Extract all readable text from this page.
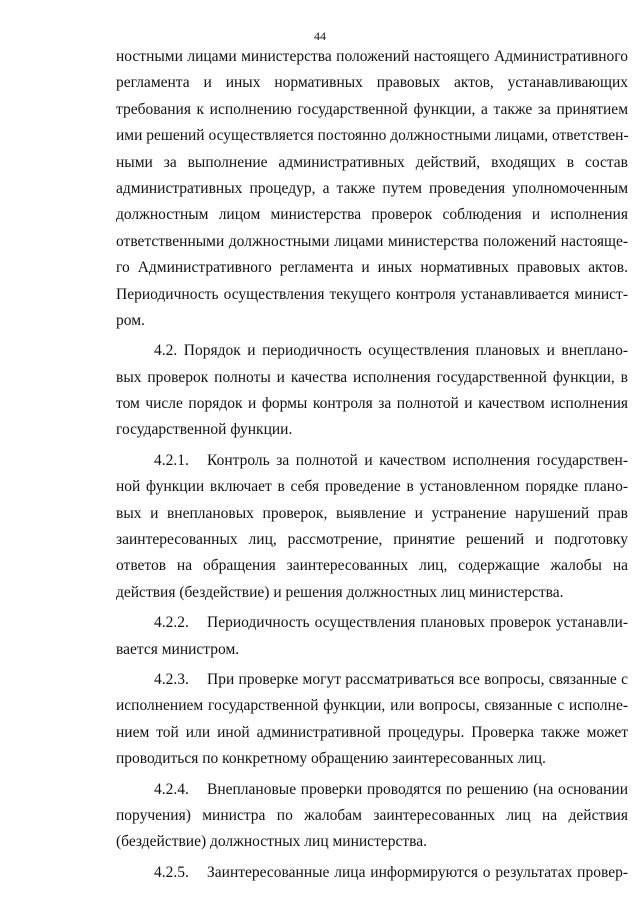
44
ностными лицами министерства положений настоящего Административного
регламента и иных нормативных правовых актов, устанавливающих
требования к исполнению государственной функции, а также за принятием
ими решений осуществляется постоянно должностными лицами, ответствен-
ными за выполнение административных действий, входящих в состав
административных процедур, а также путем проведения уполномоченным
должностным лицом министерства проверок соблюдения и исполнения
ответственными должностными лицами министерства положений настояще-
го Административного регламента и иных нормативных правовых актов.
Периодичность осуществления текущего контроля устанавливается минист-
ром.
4.2. Порядок и периодичность осуществления плановых и внеплано-
вых проверок полноты и качества исполнения государственной функции, в
том числе порядок и формы контроля за полнотой и качеством исполнения
государственной функции.
4.2.1. Контроль за полнотой и качеством исполнения государствен-
ной функции включает в себя проведение в установленном порядке плано-
вых и внеплановых проверок, выявление и устранение нарушений прав
заинтересованных лиц, рассмотрение, принятие решений и подготовку
ответов на обращения заинтересованных лиц, содержащие жалобы на
действия (бездействие) и решения должностных лиц министерства.
4.2.2. Периодичность осуществления плановых проверок устанавли-
вается министром.
4.2.3. При проверке могут рассматриваться все вопросы, связанные с
исполнением государственной функции, или вопросы, связанные с исполне-
нием той или иной административной процедуры. Проверка также может
проводиться по конкретному обращению заинтересованных лиц.
4.2.4. Внеплановые проверки проводятся по решению (на основании
поручения) министра по жалобам заинтересованных лиц на действия
(бездействие) должностных лиц министерства.
4.2.5. Заинтересованные лица информируются о результатах провер-
